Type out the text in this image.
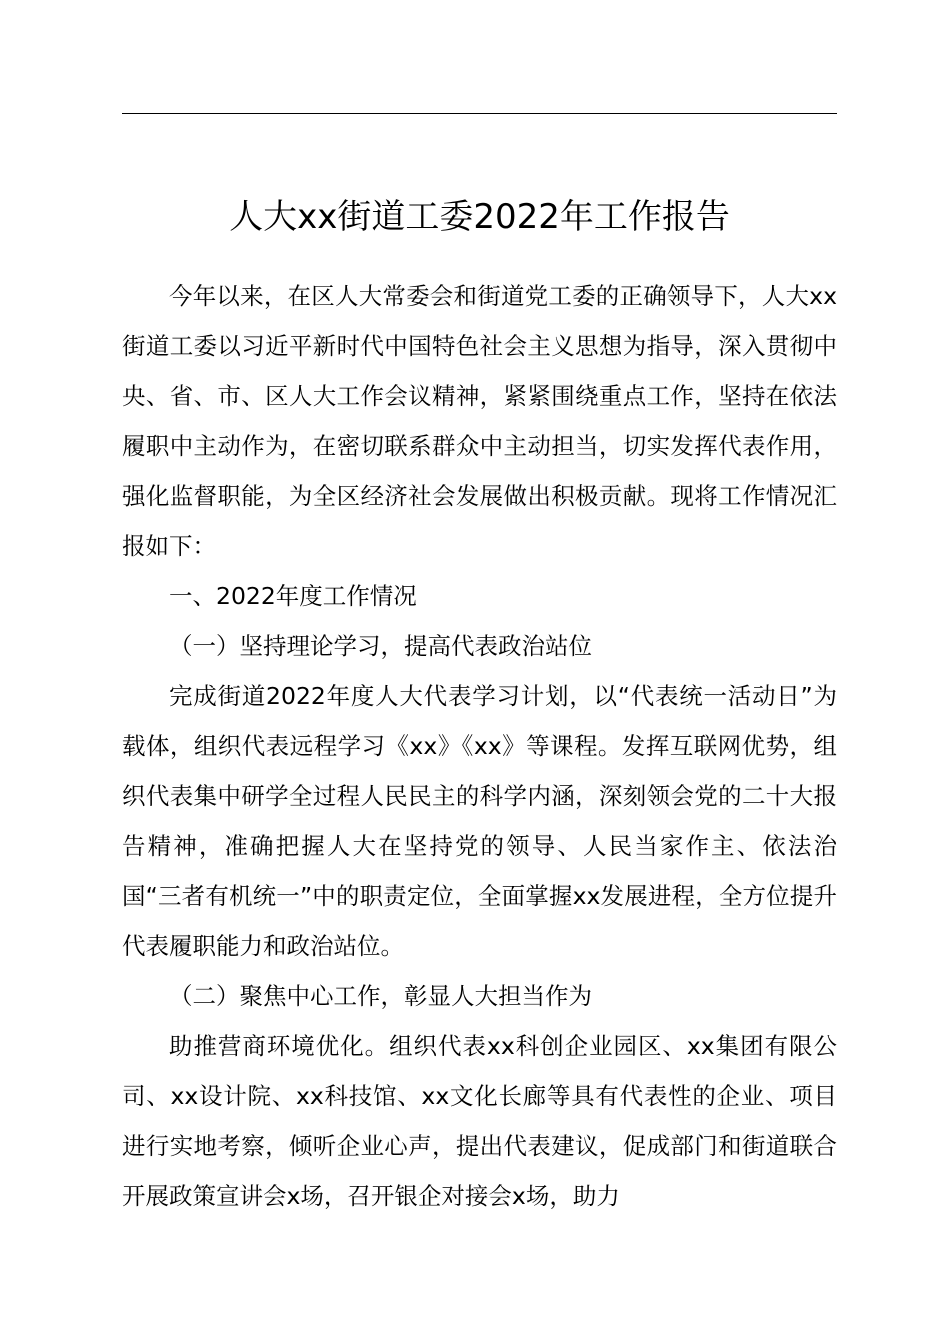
人大xx街道工委2022年工作报告

今年以来，在区人大常委会和街道党工委的正确领导下，人大xx街道工委以习近平新时代中国特色社会主义思想为指导，深入贯彻中央、省、市、区人大工作会议精神，紧紧围绕重点工作，坚持在依法履职中主动作为，在密切联系群众中主动担当，切实发挥代表作用，强化监督职能，为全区经济社会发展做出积极贡献。现将工作情况汇报如下：

一、2022年度工作情况

（一）坚持理论学习，提高代表政治站位

完成街道2022年度人大代表学习计划，以“代表统一活动日”为载体，组织代表远程学习《xx》《xx》等课程。发挥互联网优势，组织代表集中研学全过程人民民主的科学内涵，深刻领会党的二十大报告精神，准确把握人大在坚持党的领导、人民当家作主、依法治国“三者有机统一”中的职责定位，全面掌握xx发展进程，全方位提升代表履职能力和政治站位。

（二）聚焦中心工作，彰显人大担当作为

助推营商环境优化。组织代表xx科创企业园区、xx集团有限公司、xx设计院、xx科技馆、xx文化长廊等具有代表性的企业、项目进行实地考察，倾听企业心声，提出代表建议，促成部门和街道联合开展政策宣讲会x场，召开银企对接会x场，助力
